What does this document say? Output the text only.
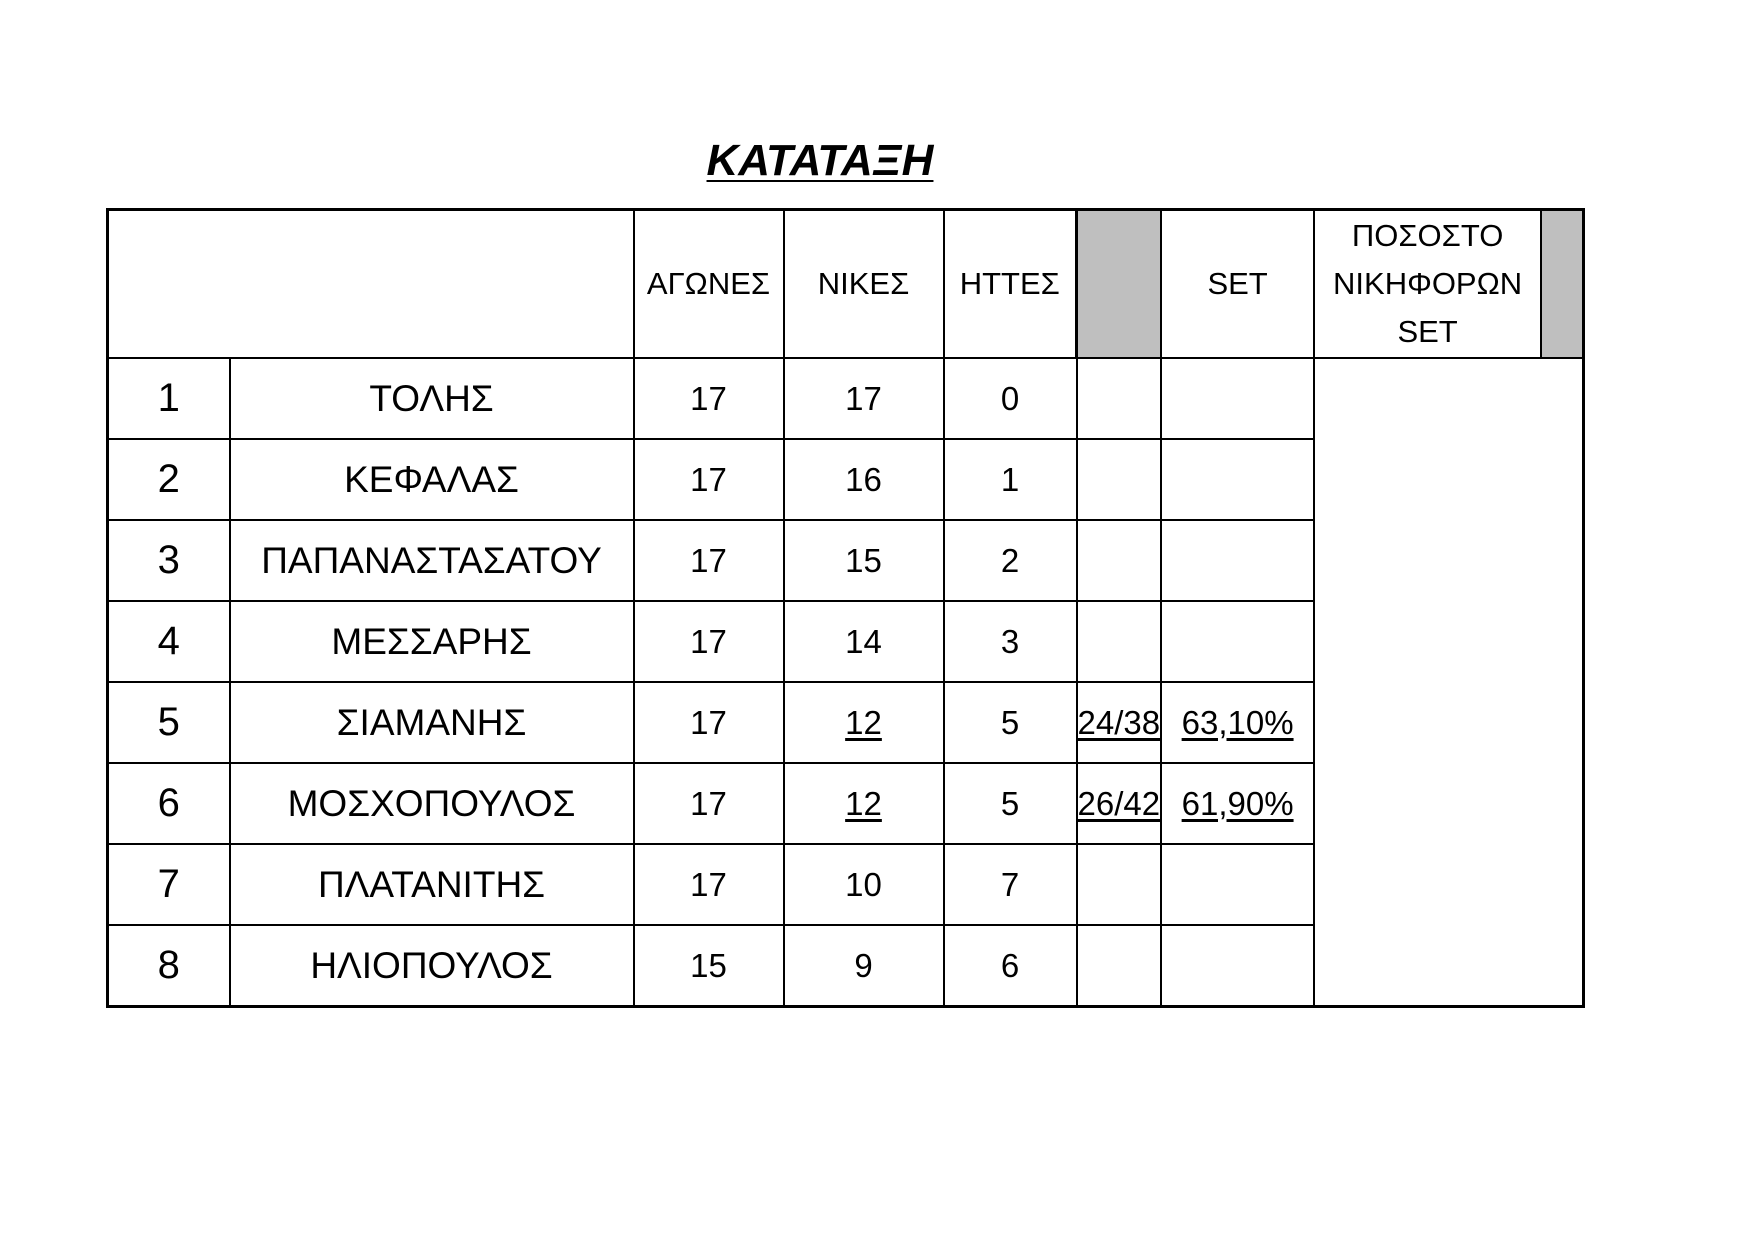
ΚΑΤΑΤΑΞΗ
		ΑΓΩΝΕΣ	ΝΙΚΕΣ	ΗΤΤΕΣ		SET	ΠΟΣΟΣΤΟ
ΝΙΚΗΦΟΡΩΝ
SET	

1	ΤΟΛΗΣ	17	17	0				
2	ΚΕΦΑΛΑΣ	17	16	1				
3	ΠΑΠΑΝΑΣΤΑΣΑΤΟΥ	17	15	2				
4	ΜΕΣΣΑΡΗΣ	17	14	3				
5	ΣΙΑΜΑΝΗΣ	17	12	5	24/38	63,10%		
6	ΜΟΣΧΟΠΟΥΛΟΣ	17	12	5	26/42	61,90%		
7	ΠΛΑΤΑΝΙΤΗΣ	17	10	7				
8	ΗΛΙΟΠΟΥΛΟΣ	15	9	6				
